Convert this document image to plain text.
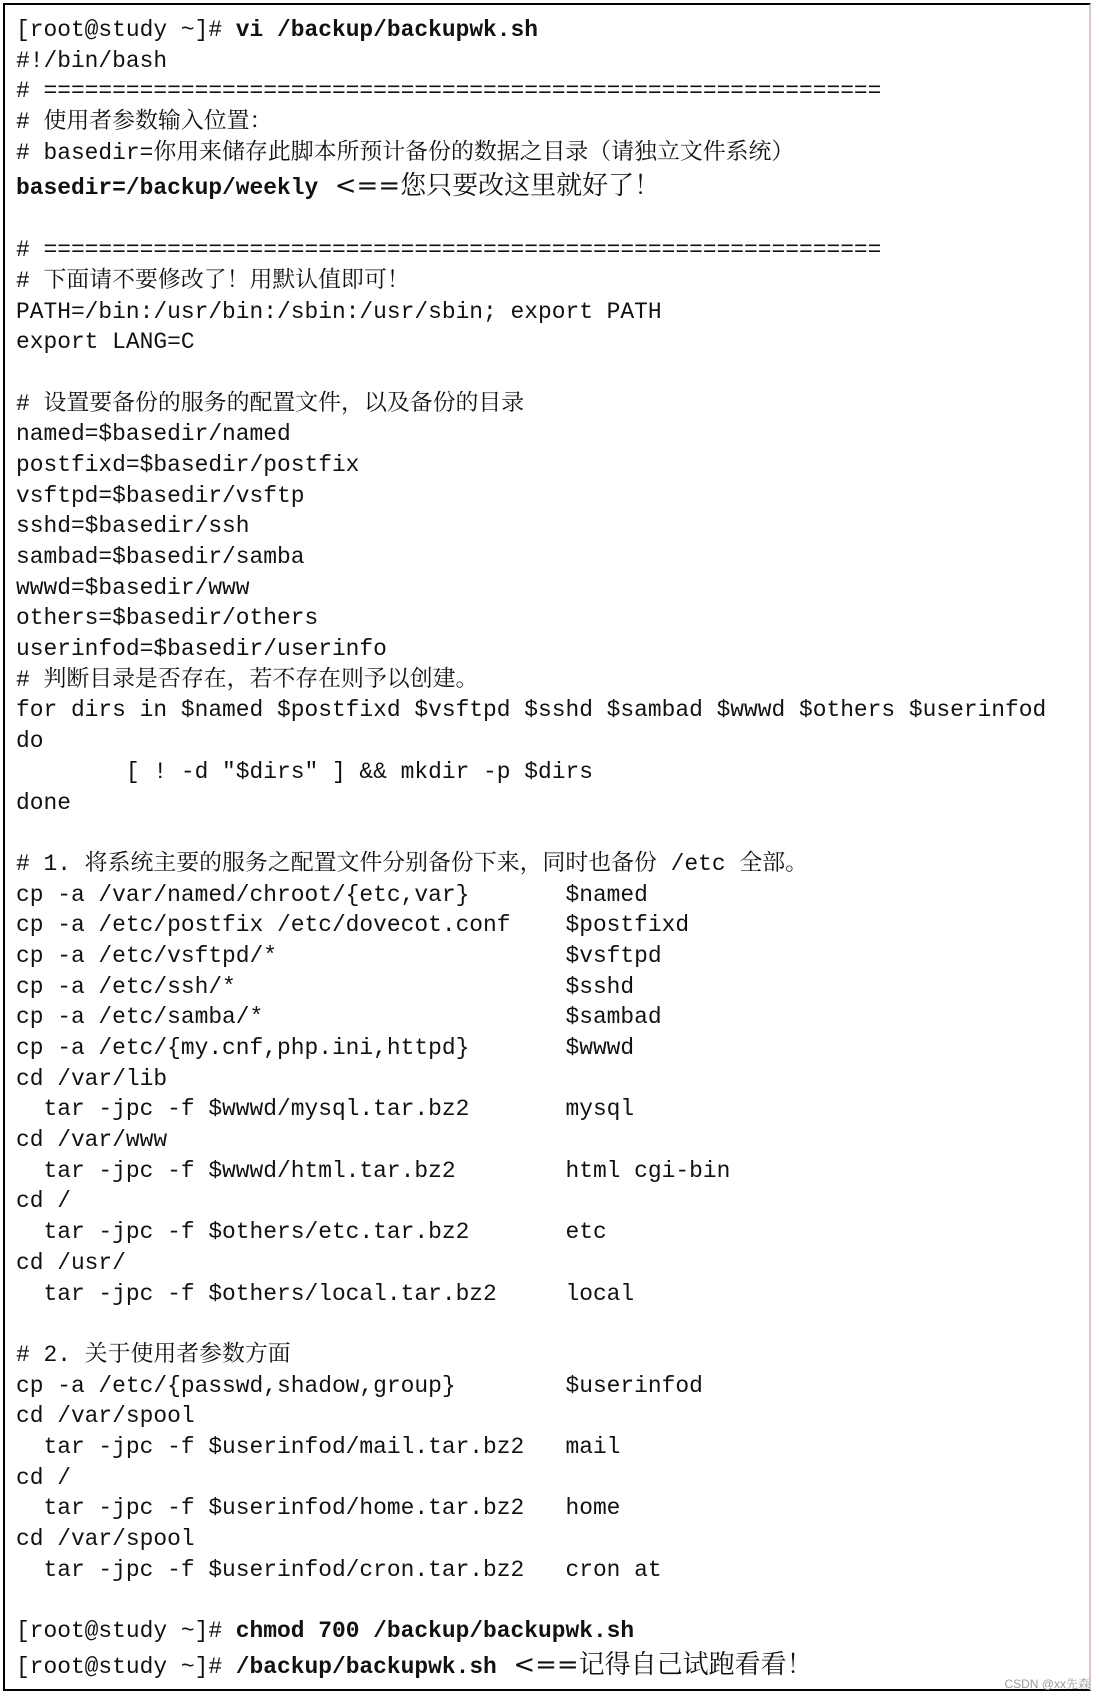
[root@study ~]# vi /backup/backupwk.sh
#!/bin/bash
# =============================================================
# 使用者参数输入位置：
# basedir=你用来储存此脚本所预计备份的数据之目录（请独立文件系统）
basedir=/backup/weekly  <==您只要改这里就好了！
# =============================================================
# 下面请不要修改了！用默认值即可！
PATH=/bin:/usr/bin:/sbin:/usr/sbin; export PATH
export LANG=C
# 设置要备份的服务的配置文件，以及备份的目录
named=$basedir/named
postfixd=$basedir/postfix
vsftpd=$basedir/vsftp
sshd=$basedir/ssh
sambad=$basedir/samba
wwwd=$basedir/www
others=$basedir/others
userinfod=$basedir/userinfo
# 判断目录是否存在，若不存在则予以创建。
for dirs in $named $postfixd $vsftpd $sshd $sambad $wwwd $others $userinfod
do
[ ! -d "$dirs" ] && mkdir -p $dirs
done
# 1. 将系统主要的服务之配置文件分别备份下来，同时也备份 /etc 全部。
cp -a /var/named/chroot/{etc,var}       $named
cp -a /etc/postfix /etc/dovecot.conf    $postfixd
cp -a /etc/vsftpd/*                     $vsftpd
cp -a /etc/ssh/*                        $sshd
cp -a /etc/samba/*                      $sambad
cp -a /etc/{my.cnf,php.ini,httpd}       $wwwd
cd /var/lib
tar -jpc -f $wwwd/mysql.tar.bz2       mysql
cd /var/www
tar -jpc -f $wwwd/html.tar.bz2        html cgi-bin
cd /
tar -jpc -f $others/etc.tar.bz2       etc
cd /usr/
tar -jpc -f $others/local.tar.bz2     local
# 2. 关于使用者参数方面
cp -a /etc/{passwd,shadow,group}        $userinfod
cd /var/spool
tar -jpc -f $userinfod/mail.tar.bz2   mail
cd /
tar -jpc -f $userinfod/home.tar.bz2   home
cd /var/spool
tar -jpc -f $userinfod/cron.tar.bz2   cron at
[root@study ~]# chmod 700 /backup/backupwk.sh
[root@study ~]# /backup/backupwk.sh  <==记得自己试跑看看！
CSDN @xx先森
